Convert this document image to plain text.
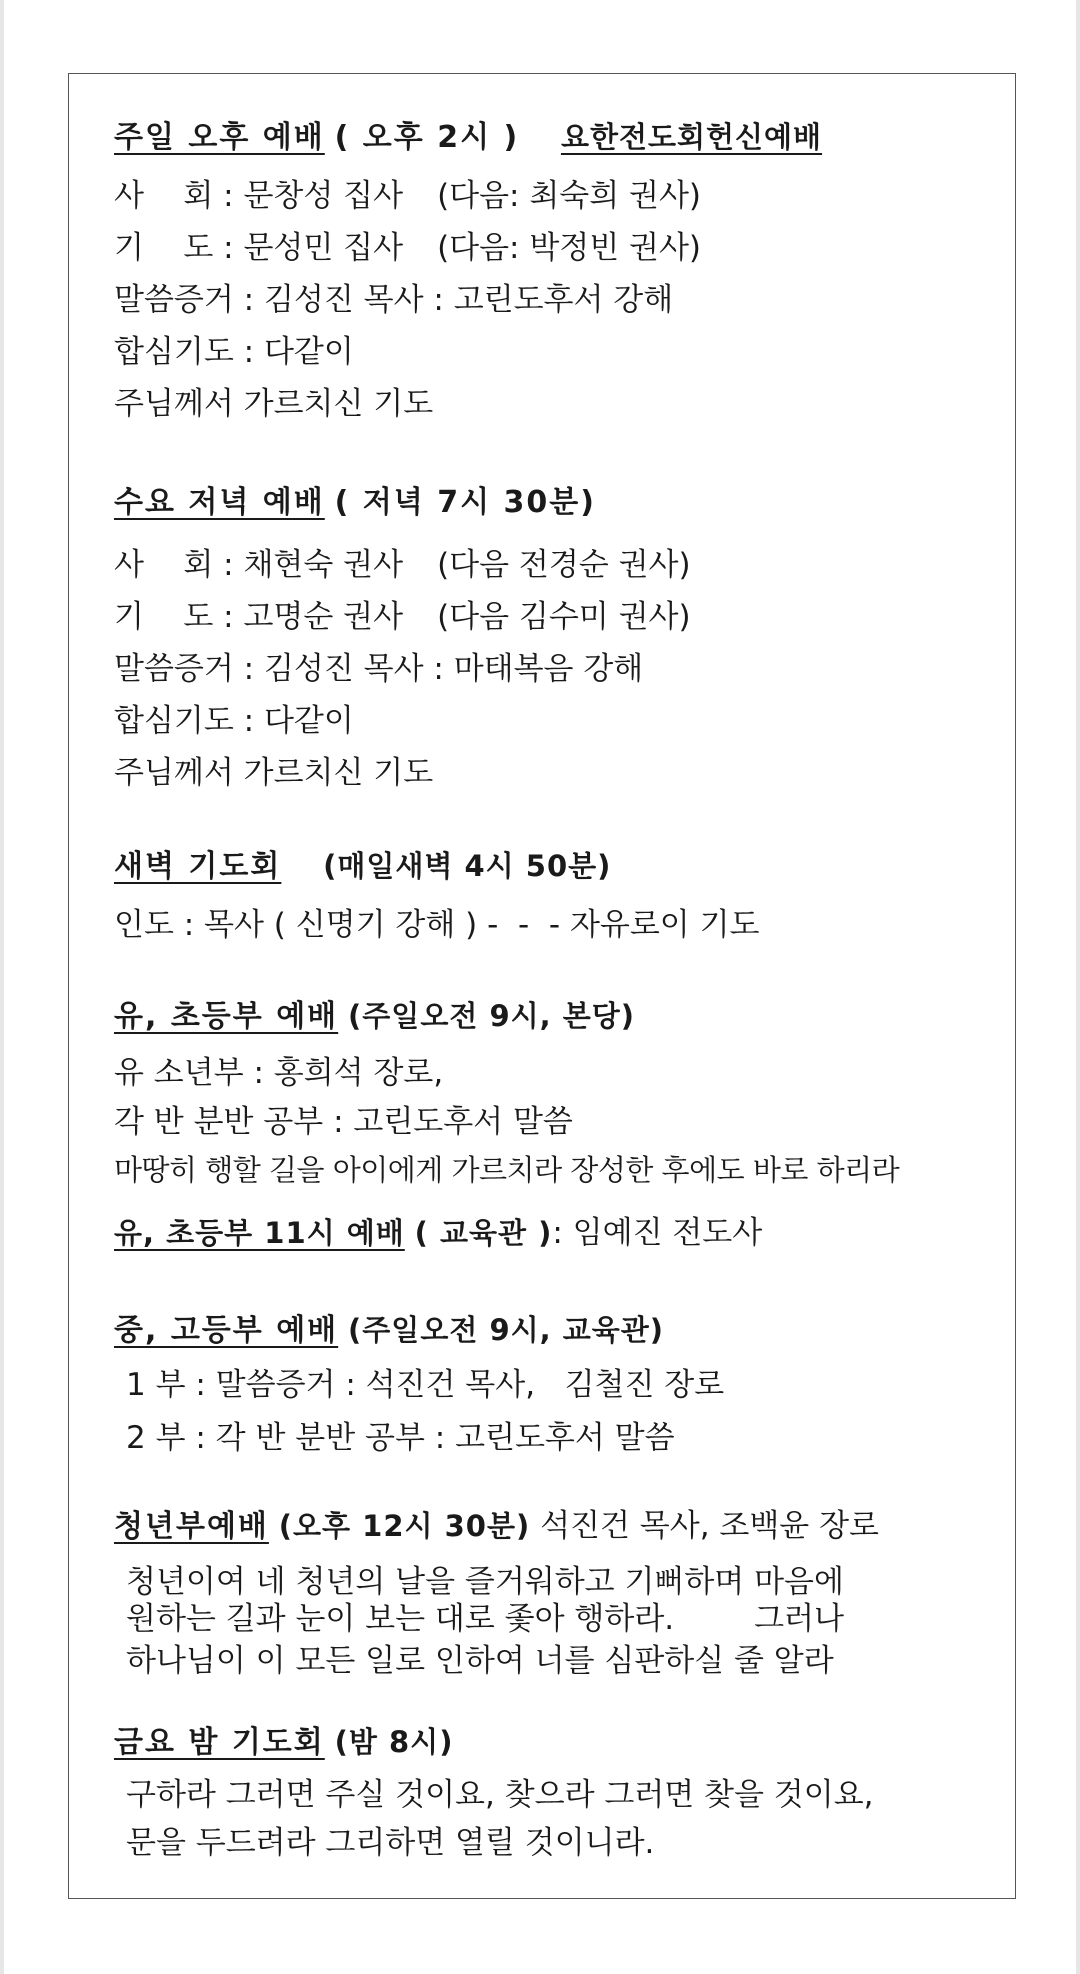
주일 오후 예배 ( 오후 2시 ) 요한전도회헌신예배
사    회 : 문창성 집사 (다음: 최숙희 권사)
기    도 : 문성민 집사 (다음: 박정빈 권사)
말씀증거 : 김성진 목사 : 고린도후서 강해
합심기도 : 다같이
주님께서 가르치신 기도
수요 저녁 예배 ( 저녁 7시 30분)
사    회 : 채현숙 권사 (다음 전경순 권사)
기    도 : 고명순 권사 (다음 김수미 권사)
말씀증거 : 김성진 목사 : 마태복음 강해
합심기도 : 다같이
주님께서 가르치신 기도
새벽 기도회 (매일새벽 4시 50분)
인도 : 목사 ( 신명기 강해 ) -  -  - 자유로이 기도
유, 초등부 예배 (주일오전 9시, 본당)
유 소년부 : 홍희석 장로,
각 반 분반 공부 : 고린도후서 말씀
마땅히 행할 길을 아이에게 가르치라 장성한 후에도 바로 하리라
유, 초등부 11시 예배 ( 교육관 ): 임예진 전도사
중, 고등부 예배 (주일오전 9시, 교육관)
1 부 : 말씀증거 : 석진건 목사,   김철진 장로
2 부 : 각 반 분반 공부 : 고린도후서 말씀
청년부예배 (오후 12시 30분) 석진건 목사, 조백윤 장로
청년이여 네 청년의 날을 즐거워하고 기뻐하며 마음에
원하는 길과 눈이 보는 대로 좇아 행하라.	그러나
하나님이 이 모든 일로 인하여 너를 심판하실 줄 알라
금요 밤 기도회 (밤 8시)
구하라 그러면 주실 것이요, 찾으라 그러면 찾을 것이요,
문을 두드려라 그리하면 열릴 것이니라.
